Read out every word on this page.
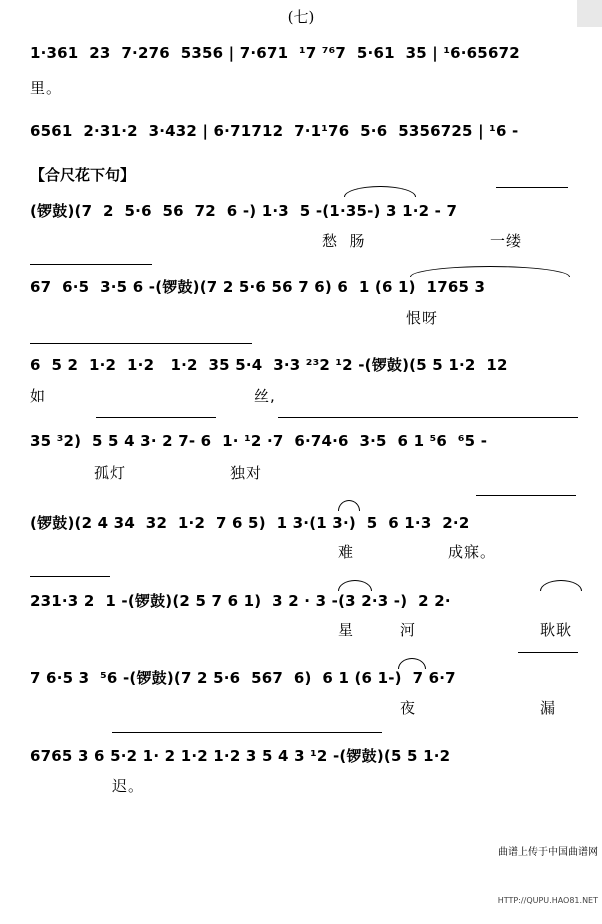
(七)
1·361  23  7·276  5356 | 7·671  ¹7 ⁷⁶7  5·61  35 | ¹6·65672
里。
6561  2·31·2  3·432 | 6·71712  7·1¹76  5·6  5356725 | ¹6 -
【合尺花下句】
(锣鼓)(7  2  5·6  56  72  6 -) 1·3  5 -(1·35-) 3 1·2 - 7
愁  肠	一缕
67  6·5  3·5 6 -(锣鼓)(7 2 5·6 56 7 6) 6  1 (6 1)  1765 3
恨呀
6  5 2  1·2  1·2   1·2  35 5·4  3·3 ²³2 ¹2 -(锣鼓)(5 5 1·2  12
如	丝,
35 ³2)  5 5 4 3· 2 7- 6  1· ¹2 ·7  6·74·6  3·5  6 1 ⁵6  ⁶5 -
孤灯	独对
(锣鼓)(2 4 34  32  1·2  7 6 5)  1 3·(1 3·)  5  6 1·3  2·2
难	成寐。
231·3 2  1 -(锣鼓)(2 5 7 6 1)  3 2 · 3 -(3 2·3 -)  2 2·
星	河	耿耿
7 6·5 3  ⁵6 -(锣鼓)(7 2 5·6  567  6)  6 1 (6 1-)  7 6·7
夜	漏
6765 3 6 5·2 1· 2 1·2 1·2 3 5 4 3 ¹2 -(锣鼓)(5 5 1·2
迟。

曲谱上传于中国曲谱网

HTTP://QUPU.HAO81.NET
